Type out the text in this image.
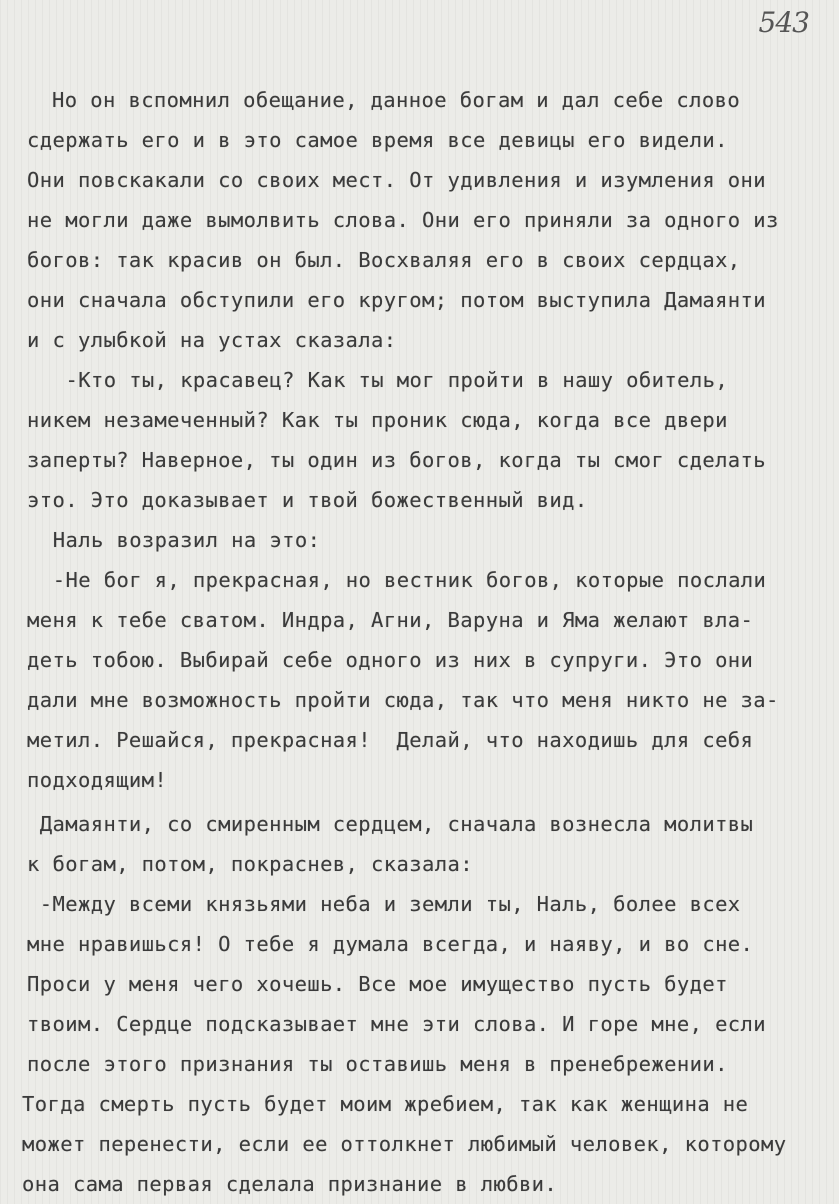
543
Но он вспомнил обещание, данное богам и дал себе слово
сдержать его и в это самое время все девицы его видели.
Они повскакали со своих мест. От удивления и изумления они
не могли даже вымолвить слова. Они его приняли за одного из
богов: так красив он был. Восхваляя его в своих сердцах,
они сначала обступили его кругом; потом выступила Дамаянти
и с улыбкой на устах сказала:
-Кто ты, красавец? Как ты мог пройти в нашу обитель,
никем незамеченный? Как ты проник сюда, когда все двери
заперты? Наверное, ты один из богов, когда ты смог сделать
это. Это доказывает и твой божественный вид.
Наль возразил на это:
-Не бог я, прекрасная, но вестник богов, которые послали
меня к тебе сватом. Индра, Агни, Варуна и Яма желают вла-
деть тобою. Выбирай себе одного из них в супруги. Это они
дали мне возможность пройти сюда, так что меня никто не за-
метил. Решайся, прекрасная!  Делай, что находишь для себя
подходящим!
Дамаянти, со смиренным сердцем, сначала вознесла молитвы
к богам, потом, покраснев, сказала:
-Между всеми князьями неба и земли ты, Наль, более всех
мне нравишься! О тебе я думала всегда, и наяву, и во сне.
Проси у меня чего хочешь. Все мое имущество пусть будет
твоим. Сердце подсказывает мне эти слова. И горе мне, если
после этого признания ты оставишь меня в пренебрежении.
Тогда смерть пусть будет моим жребием, так как женщина не
может перенести, если ее оттолкнет любимый человек, которому
она сама первая сделала признание в любви.
